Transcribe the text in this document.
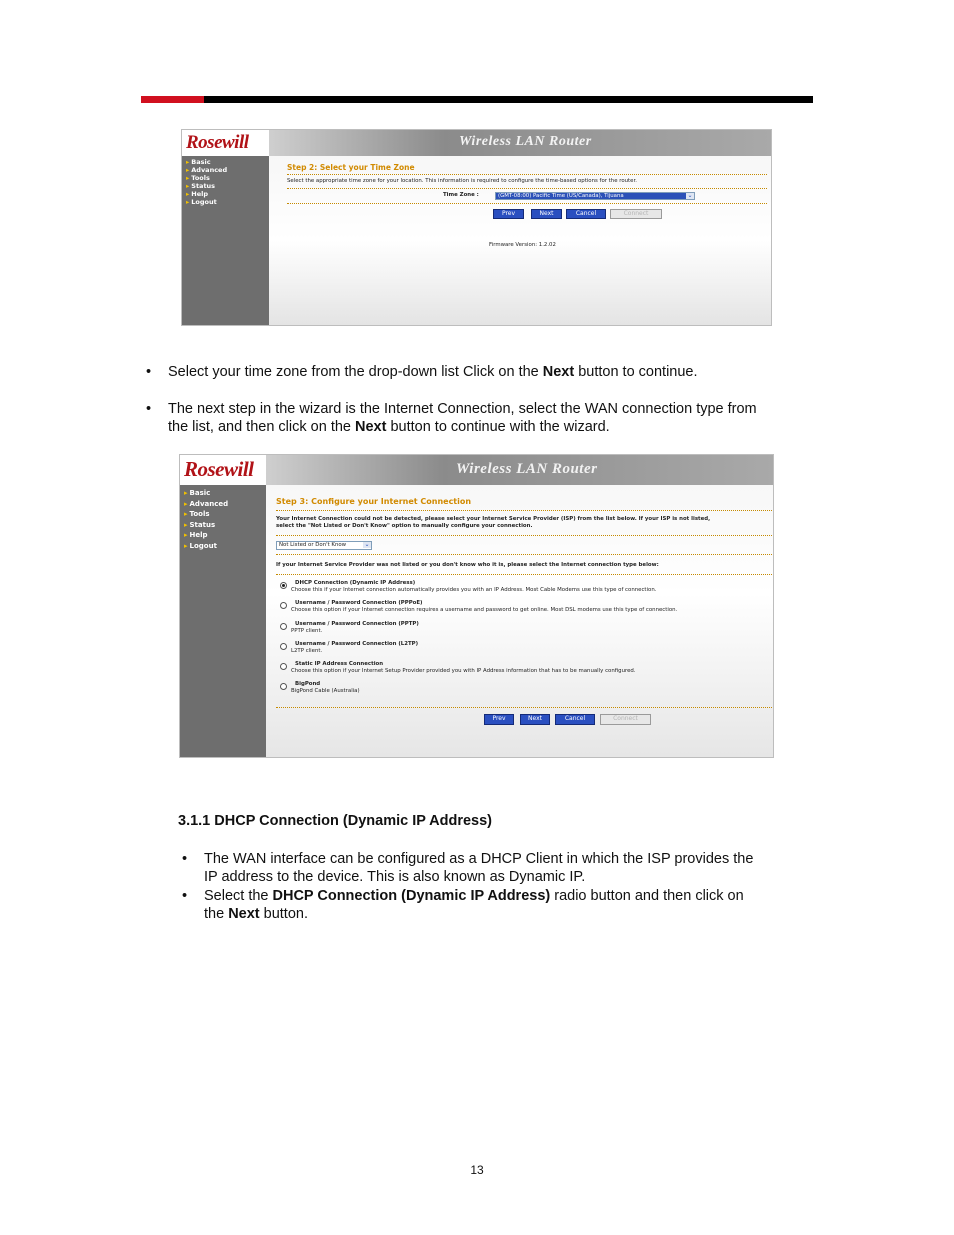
Rosewill	Wireless LAN Router
▸ Basic
▸ Advanced
▸ Tools
▸ Status
▸ Help
▸ Logout
Step 2: Select your Time Zone
Select the appropriate time zone for your location. This information is required to configure the time-based options for the router.
Time Zone :	(GMT-08:00) Pacific Time (US/Canada), Tijuana	⌄
Prev	Next	Cancel	Connect
Firmware Version: 1.2.02
• Select your time zone from the drop-down list Click on the Next button to continue.
• The next step in the wizard is the Internet Connection, select the WAN connection type from
the list, and then click on the Next button to continue with the wizard.
Rosewill	Wireless LAN Router
▸ Basic
▸ Advanced
▸ Tools
▸ Status
▸ Help
▸ Logout
Step 3: Configure your Internet Connection
Your Internet Connection could not be detected, please select your Internet Service Provider (ISP) from the list below. If your ISP is not listed,
select the "Not Listed or Don't Know" option to manually configure your connection.
Not Listed or Don't Know	⌄
If your Internet Service Provider was not listed or you don't know who it is, please select the Internet connection type below:
DHCP Connection (Dynamic IP Address)
Choose this if your Internet connection automatically provides you with an IP Address. Most Cable Modems use this type of connection.
Username / Password Connection (PPPoE)
Choose this option if your Internet connection requires a username and password to get online. Most DSL modems use this type of connection.
Username / Password Connection (PPTP)
PPTP client.
Username / Password Connection (L2TP)
L2TP client.
Static IP Address Connection
Choose this option if your Internet Setup Provider provided you with IP Address information that has to be manually configured.
BigPond
BigPond Cable (Australia)
Prev	Next	Cancel	Connect
3.1.1 DHCP Connection (Dynamic IP Address)
• The WAN interface can be configured as a DHCP Client in which the ISP provides the
IP address to the device. This is also known as Dynamic IP.
• Select the DHCP Connection (Dynamic IP Address) radio button and then click on
the Next button.
13
